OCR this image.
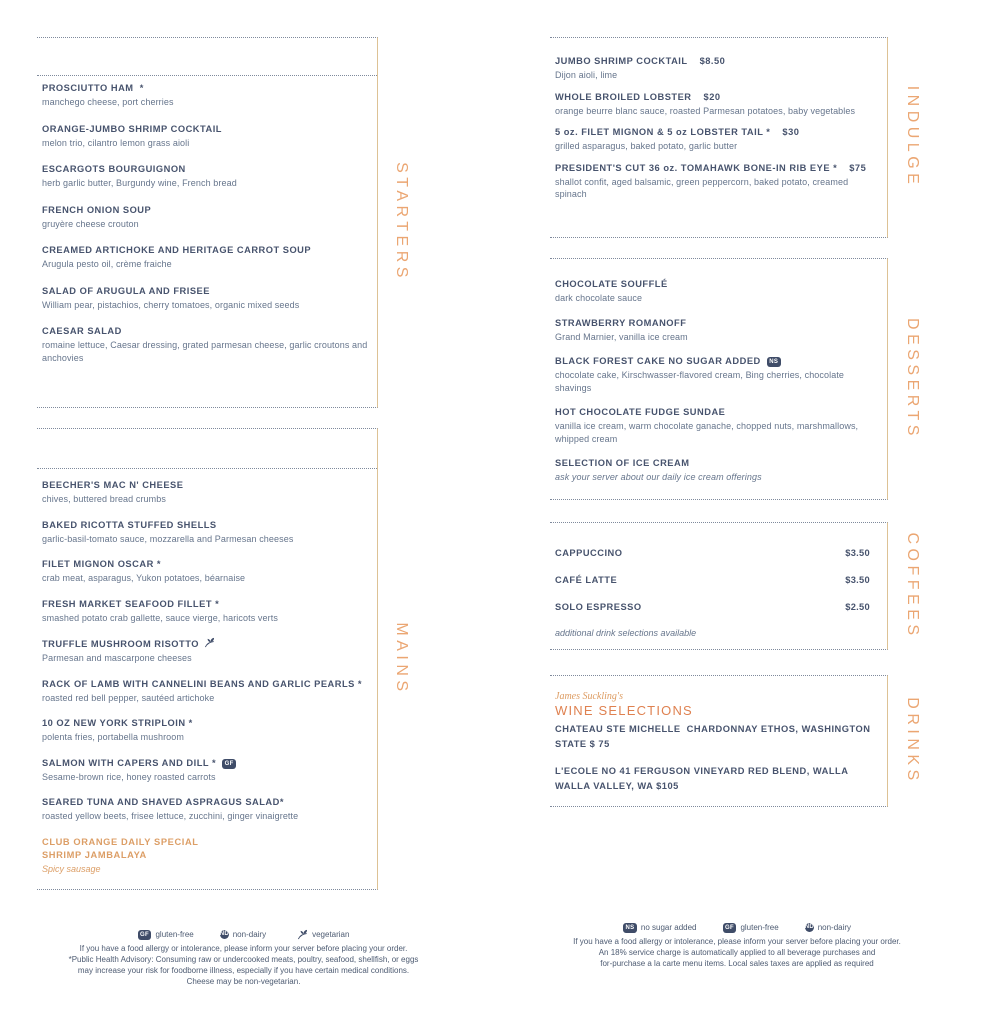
PROSCIUTTO HAM  *
manchego cheese, port cherries
ORANGE-JUMBO SHRIMP COCKTAIL
melon trio, cilantro lemon grass aioli
ESCARGOTS BOURGUIGNON
herb garlic butter, Burgundy wine, French bread
FRENCH ONION SOUP
gruyère cheese crouton
CREAMED ARTICHOKE AND HERITAGE CARROT SOUP
Arugula pesto oil, crème fraiche
SALAD OF ARUGULA AND FRISEE
William pear, pistachios, cherry tomatoes, organic mixed seeds
CAESAR SALAD
romaine lettuce, Caesar dressing, grated parmesan cheese, garlic croutons and anchovies
STARTERS
BEECHER'S MAC N' CHEESE
chives, buttered bread crumbs
BAKED RICOTTA STUFFED SHELLS
garlic-basil-tomato sauce, mozzarella and Parmesan cheeses
FILET MIGNON OSCAR *
crab meat, asparagus, Yukon potatoes, béarnaise
FRESH MARKET SEAFOOD FILLET *
smashed potato crab gallette, sauce vierge, haricots verts
TRUFFLE MUSHROOM RISOTTO
Parmesan and mascarpone cheeses
RACK OF LAMB WITH CANNELINI BEANS AND GARLIC PEARLS *
roasted red bell pepper, sautéed artichoke
10 OZ NEW YORK STRIPLOIN *
polenta fries, portabella mushroom
SALMON WITH CAPERS AND DILL * GF
Sesame-brown rice, honey roasted carrots
SEARED TUNA AND SHAVED ASPRAGUS SALAD*
roasted yellow beets, frisee lettuce, zucchini, ginger vinaigrette
CLUB ORANGE DAILY SPECIAL
SHRIMP JAMBALAYA
Spicy sausage
MAINS
JUMBO SHRIMP COCKTAIL $8.50
Dijon aioli, lime
WHOLE BROILED LOBSTER $20
orange beurre blanc sauce, roasted Parmesan potatoes, baby vegetables
5 oz. FILET MIGNON & 5 oz LOBSTER TAIL * $30
grilled asparagus, baked potato, garlic butter
PRESIDENT'S CUT 36 oz. TOMAHAWK BONE-IN RIB EYE * $75
shallot confit, aged balsamic, green peppercorn, baked potato, creamed spinach
INDULGE
CHOCOLATE SOUFFLÉ
dark chocolate sauce
STRAWBERRY ROMANOFF
Grand Marnier, vanilla ice cream
BLACK FOREST CAKE NO SUGAR ADDED NS
chocolate cake, Kirschwasser-flavored cream, Bing cherries, chocolate shavings
HOT CHOCOLATE FUDGE SUNDAE
vanilla ice cream, warm chocolate ganache, chopped nuts, marshmallows, whipped cream
SELECTION OF ICE CREAM
ask your server about our daily ice cream offerings
DESSERTS
CAPPUCCINO	$3.50
CAFÉ LATTE	$3.50
SOLO ESPRESSO	$2.50
additional drink selections available	COFFEES
James Suckling's
WINE SELECTIONS
CHATEAU STE MICHELLE  CHARDONNAY ETHOS, WASHINGTON STATE $ 75
L'ECOLE NO 41 FERGUSON VINEYARD RED BLEND, WALLA WALLA VALLEY, WA $105
DRINKS
GF gluten-free	ND non-dairy	vegetarian
If you have a food allergy or intolerance, please inform your server before placing your order.
*Public Health Advisory: Consuming raw or undercooked meats, poultry, seafood, shellfish, or eggs
may increase your risk for foodborne illness, especially if you have certain medical conditions.
Cheese may be non-vegetarian.
NS no sugar added	GF gluten-free	ND non-dairy
If you have a food allergy or intolerance, please inform your server before placing your order.
An 18% service charge is automatically applied to all beverage purchases and
for-purchase a la carte menu items. Local sales taxes are applied as required
